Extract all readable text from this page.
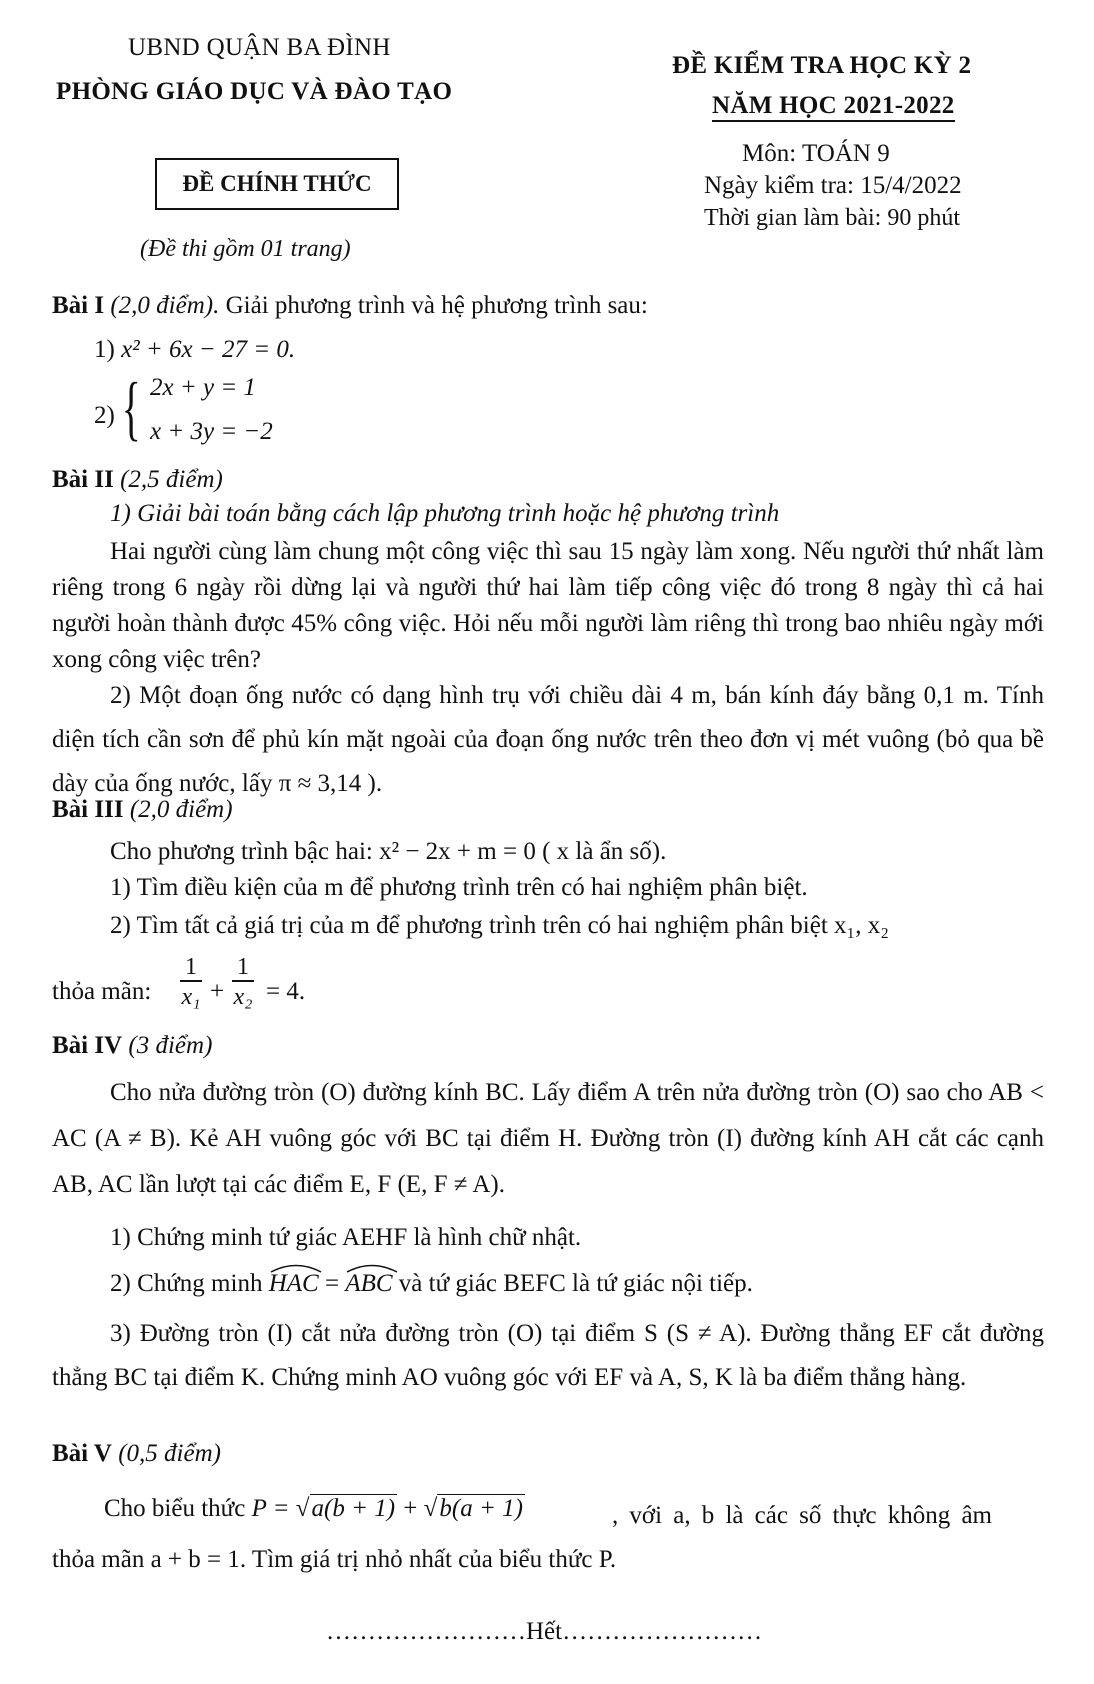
UBND QUẬN BA ĐÌNH
PHÒNG GIÁO DỤC VÀ ĐÀO TẠO
ĐỀ CHÍNH THỨC
(Đề thi gồm 01 trang)
ĐỀ KIỂM TRA HỌC KỲ 2
NĂM HỌC 2021-2022
Môn: TOÁN 9
Ngày kiểm tra: 15/4/2022
Thời gian làm bài: 90 phút
Bài I (2,0 điểm). Giải phương trình và hệ phương trình sau:
1) x² + 6x − 27 = 0.
2) { 2x + y = 1
x + 3y = −2
Bài II (2,5 điểm)
1) Giải bài toán bằng cách lập phương trình hoặc hệ phương trình
Hai người cùng làm chung một công việc thì sau 15 ngày làm xong. Nếu người thứ nhất làm riêng trong 6 ngày rồi dừng lại và người thứ hai làm tiếp công việc đó trong 8 ngày thì cả hai người hoàn thành được 45% công việc. Hỏi nếu mỗi người làm riêng thì trong bao nhiêu ngày mới xong công việc trên?
2) Một đoạn ống nước có dạng hình trụ với chiều dài 4 m, bán kính đáy bằng 0,1 m. Tính diện tích cần sơn để phủ kín mặt ngoài của đoạn ống nước trên theo đơn vị mét vuông (bỏ qua bề dày của ống nước, lấy π ≈ 3,14 ).
Bài III (2,0 điểm)
Cho phương trình bậc hai: x² − 2x + m = 0 ( x là ẩn số).
1) Tìm điều kiện của m để phương trình trên có hai nghiệm phân biệt.
2) Tìm tất cả giá trị của m để phương trình trên có hai nghiệm phân biệt x₁, x₂
thỏa mãn:
1
x₁ +
1
x₂ = 4.
Bài IV (3 điểm)
Cho nửa đường tròn (O) đường kính BC. Lấy điểm A trên nửa đường tròn (O) sao cho AB < AC (A ≠ B). Kẻ AH vuông góc với BC tại điểm H. Đường tròn (I) đường kính AH cắt các cạnh AB, AC lần lượt tại các điểm E, F (E, F ≠ A).
1) Chứng minh tứ giác AEHF là hình chữ nhật.
2) Chứng minh HAC = ABC và tứ giác BEFC là tứ giác nội tiếp.
3) Đường tròn (I) cắt nửa đường tròn (O) tại điểm S (S ≠ A). Đường thẳng EF cắt đường thẳng BC tại điểm K. Chứng minh AO vuông góc với EF và A, S, K là ba điểm thẳng hàng.
Bài V (0,5 điểm)
Cho biểu thức P = √a(b + 1) + √b(a + 1)	, với a, b là các số thực không âm thỏa mãn a + b = 1. Tìm giá trị nhỏ nhất của biểu thức P.
……………………Hết……………………
